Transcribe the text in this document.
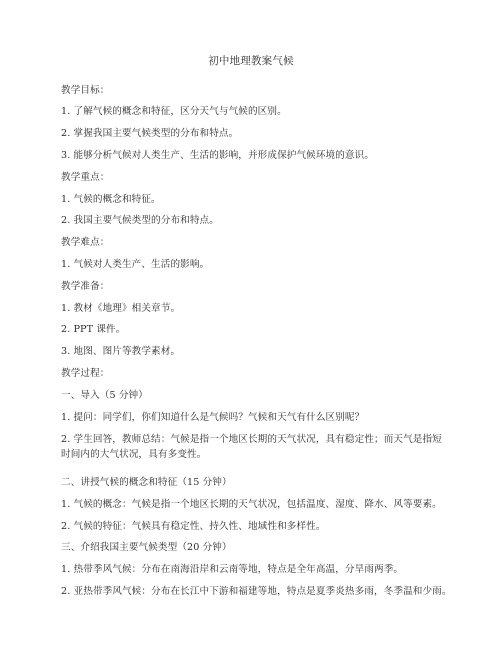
初中地理教案气候
教学目标：
1. 了解气候的概念和特征，区分天气与气候的区别。
2. 掌握我国主要气候类型的分布和特点。
3. 能够分析气候对人类生产、生活的影响，并形成保护气候环境的意识。
教学重点：
1. 气候的概念和特征。
2. 我国主要气候类型的分布和特点。
教学难点：
1. 气候对人类生产、生活的影响。
教学准备：
1. 教材《地理》相关章节。
2. PPT 课件。
3. 地图、图片等教学素材。
教学过程：
一、导入（5 分钟）
1. 提问：同学们，你们知道什么是气候吗？气候和天气有什么区别呢？
2. 学生回答，教师总结：气候是指一个地区长期的天气状况，具有稳定性；而天气是指短时间内的大气状况，具有多变性。
二、讲授气候的概念和特征（15 分钟）
1. 气候的概念：气候是指一个地区长期的天气状况，包括温度、湿度、降水、风等要素。
2. 气候的特征：气候具有稳定性、持久性、地域性和多样性。
三、介绍我国主要气候类型（20 分钟）
1. 热带季风气候：分布在南海沿岸和云南等地，特点是全年高温，分旱雨两季。
2. 亚热带季风气候：分布在长江中下游和福建等地，特点是夏季炎热多雨，冬季温和少雨。
